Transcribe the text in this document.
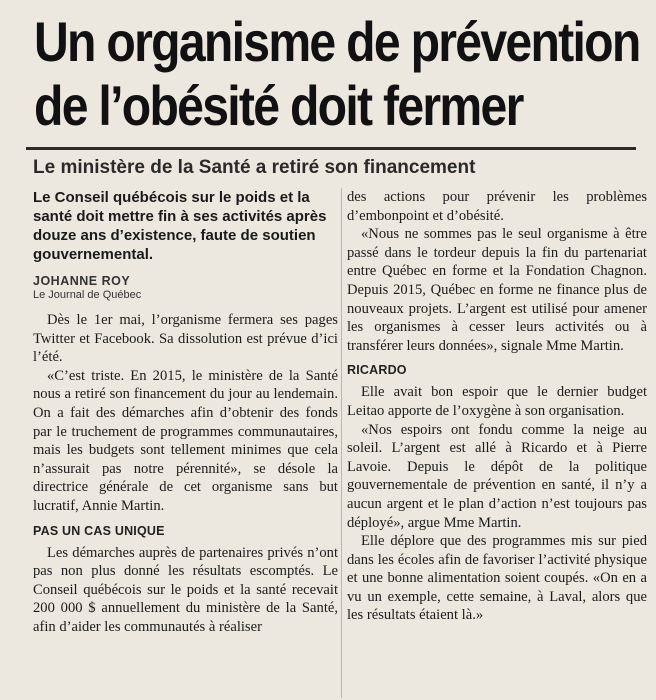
Un organisme de prévention
de l’obésité doit fermer
Le ministère de la Santé a retiré son financement

Le Conseil québécois sur le poids et la santé doit mettre fin à ses activités après douze ans d’existence, faute de soutien gouvernemental.

JOHANNE ROY
Le Journal de Québec

Dès le 1er mai, l’organisme fermera ses pages Twitter et Facebook. Sa dissolution est prévue d’ici l’été.

«C’est triste. En 2015, le ministère de la Santé nous a retiré son financement du jour au lendemain. On a fait des démarches afin d’obtenir des fonds par le truchement de programmes communautaires, mais les budgets sont tellement minimes que cela n’assurait pas notre pérennité», se désole la directrice générale de cet organisme sans but lucratif, Annie Martin.

PAS UN CAS UNIQUE

Les démarches auprès de partenaires privés n’ont pas non plus donné les résultats escomptés. Le Conseil québécois sur le poids et la santé recevait 200 000 $ annuellement du ministère de la Santé, afin d’aider les communautés à réaliser

des actions pour prévenir les problèmes d’embonpoint et d’obésité.

«Nous ne sommes pas le seul organisme à être passé dans le tordeur depuis la fin du partenariat entre Québec en forme et la Fondation Chagnon. Depuis 2015, Québec en forme ne finance plus de nouveaux projets. L’argent est utilisé pour amener les organismes à cesser leurs activités ou à transférer leurs données», signale Mme Martin.

RICARDO

Elle avait bon espoir que le dernier budget Leitao apporte de l’oxygène à son organisation.

«Nos espoirs ont fondu comme la neige au soleil. L’argent est allé à Ricardo et à Pierre Lavoie. Depuis le dépôt de la politique gouvernementale de prévention en santé, il n’y a aucun argent et le plan d’action n’est toujours pas déployé», argue Mme Martin.

Elle déplore que des programmes mis sur pied dans les écoles afin de favoriser l’activité physique et une bonne alimentation soient coupés. «On en a vu un exemple, cette semaine, à Laval, alors que les résultats étaient là.»
